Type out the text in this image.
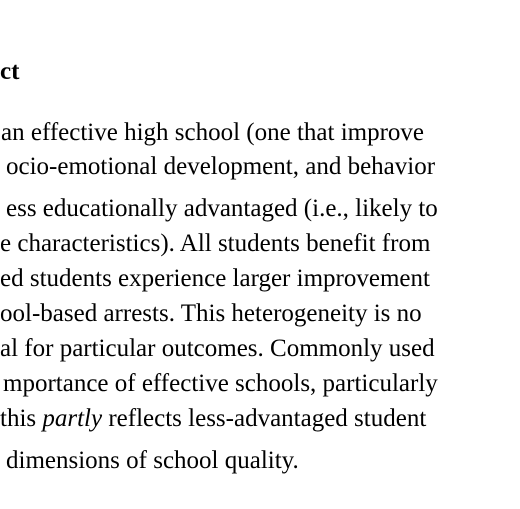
ct
an effective high school (one that improve
ocio-emotional development, and behavior
ess educationally advantaged (i.e., likely to
e characteristics). All students benefit from
ed students experience larger improvement
ool-based arrests. This heterogeneity is no
al for particular outcomes. Commonly used
mportance of effective schools, particularly
this partly reflects less-advantaged student
dimensions of school quality.
